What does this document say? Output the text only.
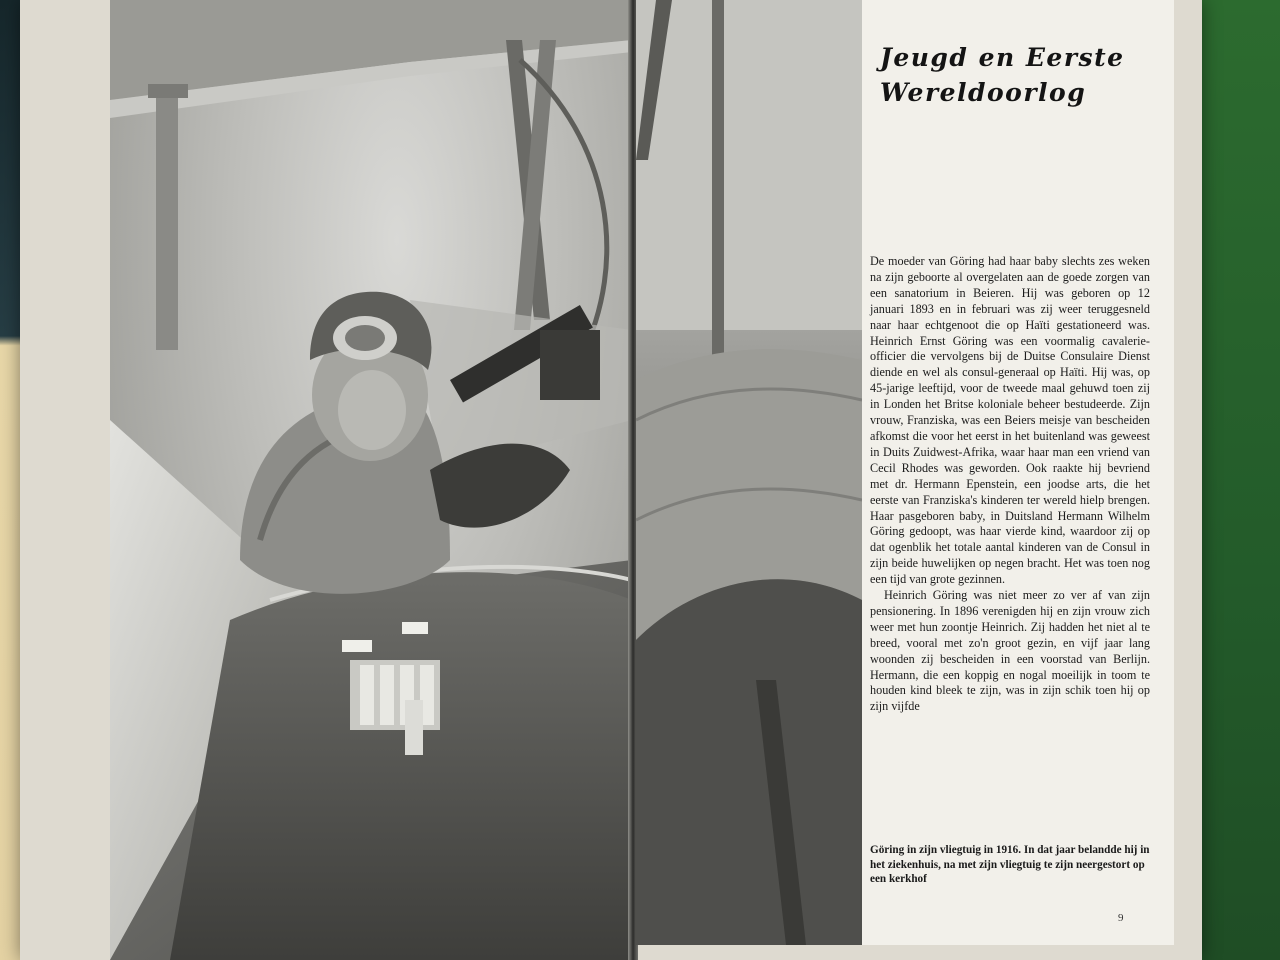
Jeugd en Eerste
Wereldoorlog

De moeder van Göring had haar baby slechts zes weken na zijn geboorte al overgelaten aan de goede zorgen van een sanatorium in Beieren. Hij was geboren op 12 januari 1893 en in februari was zij weer teruggesneld naar haar echtgenoot die op Haïti gestationeerd was. Heinrich Ernst Göring was een voormalig cavalerie-officier die vervolgens bij de Duitse Consulaire Dienst diende en wel als consul-generaal op Haïti. Hij was, op 45-jarige leeftijd, voor de tweede maal gehuwd toen zij in Londen het Britse koloniale beheer bestudeerde. Zijn vrouw, Franziska, was een Beiers meisje van bescheiden afkomst die voor het eerst in het buitenland was geweest in Duits Zuidwest-Afrika, waar haar man een vriend van Cecil Rhodes was geworden. Ook raakte hij bevriend met dr. Hermann Epenstein, een joodse arts, die het eerste van Franziska's kinderen ter wereld hielp brengen. Haar pasgeboren baby, in Duitsland Hermann Wilhelm Göring gedoopt, was haar vierde kind, waardoor zij op dat ogenblik het totale aantal kinderen van de Consul in zijn beide huwelijken op negen bracht. Het was toen nog een tijd van grote gezinnen.

Heinrich Göring was niet meer zo ver af van zijn pensionering. In 1896 verenigden hij en zijn vrouw zich weer met hun zoontje Heinrich. Zij hadden het niet al te breed, vooral met zo'n groot gezin, en vijf jaar lang woonden zij bescheiden in een voorstad van Berlijn. Hermann, die een koppig en nogal moeilijk in toom te houden kind bleek te zijn, was in zijn schik toen hij op zijn vijfde

Göring in zijn vliegtuig in 1916. In dat jaar belandde hij in het ziekenhuis, na met zijn vliegtuig te zijn neergestort op een kerkhof

9
